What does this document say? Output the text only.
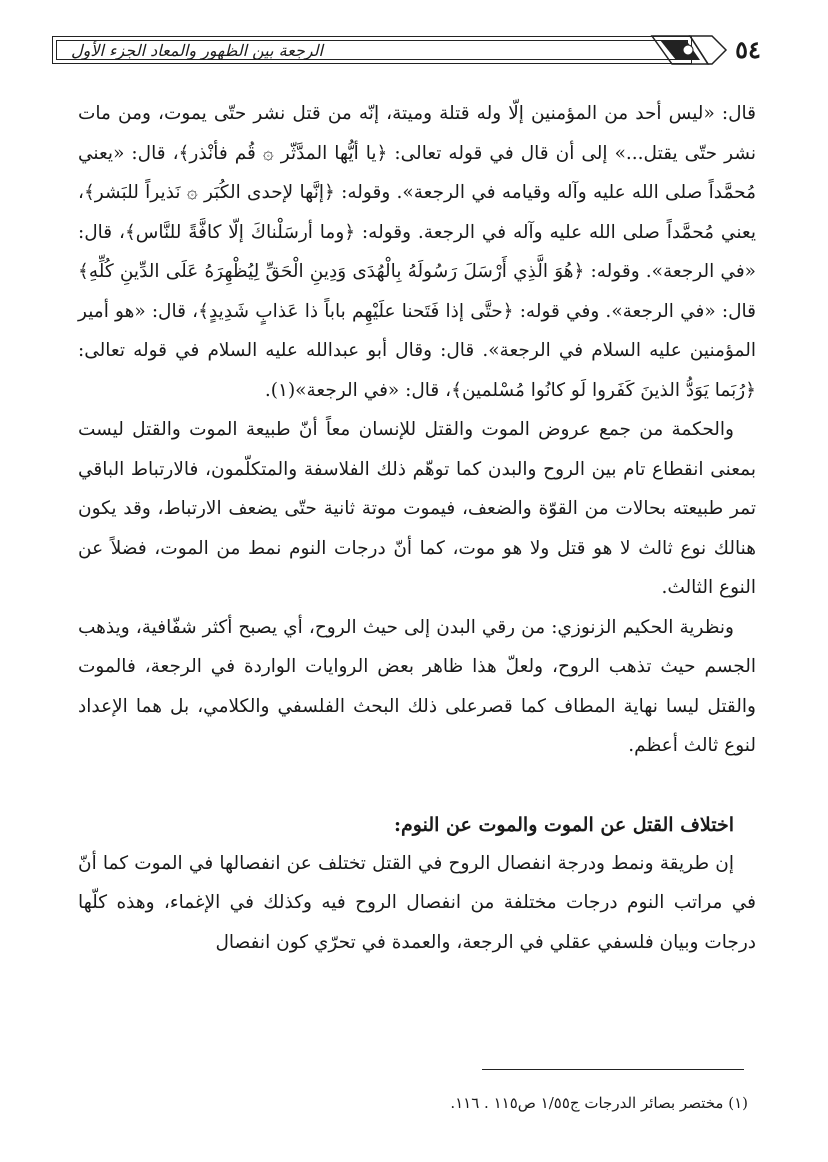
الرجعة بين الظهور والمعاد الجزء الأول	٥٤

قال: «ليس أحد من المؤمنين إلّا وله قتلة وميتة، إنّه من قتل نشر حتّى يموت، ومن مات نشر حتّى يقتل...» إلى أن قال في قوله تعالى: ﴿يا أيُّها المدَّثّر ۞ قُم فأنْذر﴾، قال: «يعني مُحمَّداً صلى الله عليه وآله وقيامه في الرجعة». وقوله: ﴿إنَّها لإحدى الكُبَر ۞ نَذيراً للبَشر﴾، يعني مُحمَّداً صلى الله عليه وآله في الرجعة. وقوله: ﴿وما أرسَلْناكَ إلّا كافَّةً للنَّاس﴾، قال: «في الرجعة». وقوله: ﴿هُوَ الَّذِي أَرْسَلَ رَسُولَهُ بِالْهُدَى وَدِينِ الْحَقِّ لِيُظْهِرَهُ عَلَى الدِّينِ كُلِّهِ﴾ قال: «في الرجعة». وفي قوله: ﴿حتَّى إذا فَتَحنا علَيْهِم باباً ذا عَذابٍ شَدِيدٍ﴾، قال: «هو أمير المؤمنين عليه السلام في الرجعة». قال: وقال أبو عبدالله عليه السلام في قوله تعالى: ﴿رُبَما يَوَدُّ الذينَ كَفَروا لَو كانُوا مُسْلمين﴾، قال: «في الرجعة»(١).

والحكمة من جمع عروض الموت والقتل للإنسان معاً أنّ طبيعة الموت والقتل ليست بمعنى انقطاع تام بين الروح والبدن كما توهّم ذلك الفلاسفة والمتكلّمون، فالارتباط الباقي تمر طبيعته بحالات من القوّة والضعف، فيموت موتة ثانية حتّى يضعف الارتباط، وقد يكون هنالك نوع ثالث لا هو قتل ولا هو موت، كما أنّ درجات النوم نمط من الموت، فضلاً عن النوع الثالث.

ونظرية الحكيم الزنوزي: من رقي البدن إلى حيث الروح، أي يصبح أكثر شفّافية، ويذهب الجسم حيث تذهب الروح، ولعلّ هذا ظاهر بعض الروايات الواردة في الرجعة، فالموت والقتل ليسا نهاية المطاف كما قصرعلى ذلك البحث الفلسفي والكلامي، بل هما الإعداد لنوع ثالث أعظم.

اختلاف القتل عن الموت والموت عن النوم:

إن طريقة ونمط ودرجة انفصال الروح في القتل تختلف عن انفصالها في الموت كما أنّ في مراتب النوم درجات مختلفة من انفصال الروح فيه وكذلك في الإغماء، وهذه كلّها درجات وبيان فلسفي عقلي في الرجعة، والعمدة في تحرّي كون انفصال

(١) مختصر بصائر الدرجات ج١/٥٥ ص١١٥ . ١١٦.
